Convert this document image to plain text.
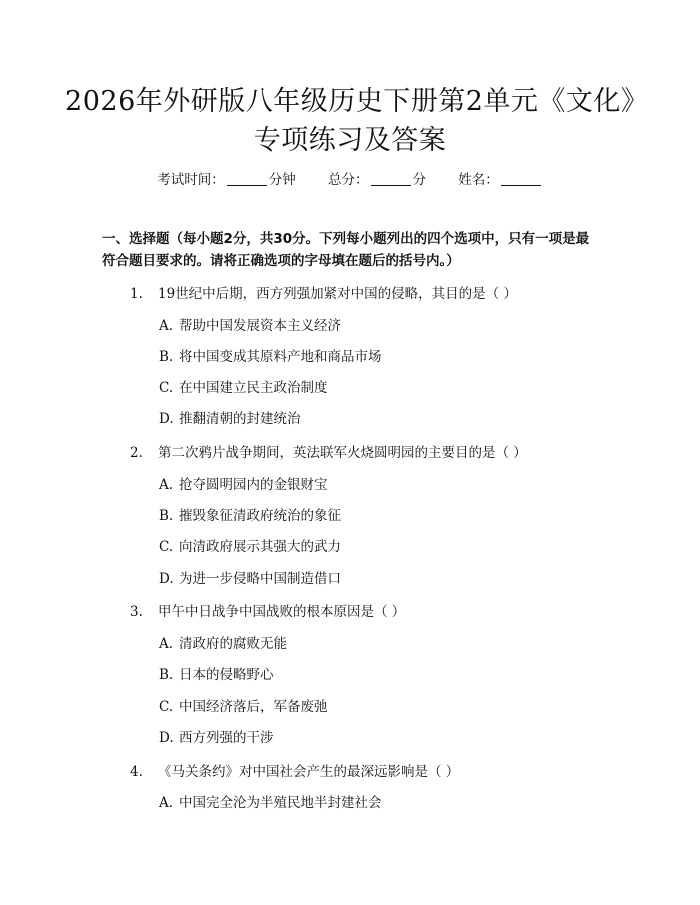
2026年外研版八年级历史下册第2单元《文化》专项练习及答案
考试时间：	分钟 总分：	分 姓名：

一、选择题（每小题2分，共30分。下列每小题列出的四个选项中，只有一项是最符合题目要求的。请将正确选项的字母填在题后的括号内。）

1. 19世纪中后期，西方列强加紧对中国的侵略，其目的是（ ）
A. 帮助中国发展资本主义经济
B. 将中国变成其原料产地和商品市场
C. 在中国建立民主政治制度
D. 推翻清朝的封建统治
2. 第二次鸦片战争期间，英法联军火烧圆明园的主要目的是（ ）
A. 抢夺圆明园内的金银财宝
B. 摧毁象征清政府统治的象征
C. 向清政府展示其强大的武力
D. 为进一步侵略中国制造借口
3. 甲午中日战争中国战败的根本原因是（ ）
A. 清政府的腐败无能
B. 日本的侵略野心
C. 中国经济落后，军备废弛
D. 西方列强的干涉
4. 《马关条约》对中国社会产生的最深远影响是（ ）
A. 中国完全沦为半殖民地半封建社会
